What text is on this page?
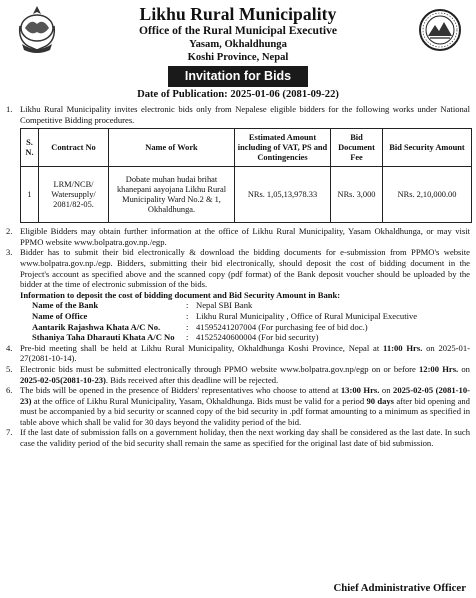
Likhu Rural Municipality
Office of the Rural Municipal Executive
Yasam, Okhaldhunga
Koshi Province, Nepal
Invitation for Bids
Date of Publication: 2025-01-06 (2081-09-22)
1. Likhu Rural Municipality invites electronic bids only from Nepalese eligible bidders for the following works under National Competitive Bidding procedures.
S. N.	Contract No	Name of Work	Estimated Amount including of VAT, PS and Contingencies	Bid Document Fee	Bid Security Amount
1	LRM/NCB/ Watersupply/ 2081/82-05.	Dobate muhan hudai brihat khanepani aayojana Likhu Rural Municipality Ward No.2 & 1, Okhaldhunga.	NRs. 1,05,13,978.33	NRs. 3,000	NRs. 2,10,000.00
2. Eligible Bidders may obtain further information at the office of Likhu Rural Municipality, Yasam Okhaldhunga, or may visit PPMO website www.bolpatra.gov.np./egp.
3. Bidder has to submit their bid electronically & download the bidding documents for e-submission from PPMO's website www.bolpatra.gov.np./egp. Bidders, submitting their bid electronically, should deposit the cost of bidding document in the Project's account as specified above and the scanned copy (pdf format) of the Bank deposit voucher should be uploaded by the bidder at the time of electronic submission of the bids.
Information to deposit the cost of bidding document and Bid Security Amount in Bank:
Name of the Bank	: Nepal SBI Bank
Name of Office	: Likhu Rural Municipality , Office of Rural Municipal Executive
Aantarik Rajashwa Khata A/C No.	: 41595241207004 (For purchasing fee of bid doc.)
Sthaniya Taha Dharauti Khata A/C No	: 41525240600004 (For bid security)
4. Pre-bid meeting shall be held at Likhu Rural Municipality, Okhaldhunga Koshi Province, Nepal at 11:00 Hrs. on 2025-01-27(2081-10-14).
5. Electronic bids must be submitted electronically through PPMO website www.bolpatra.gov.np/egp on or before 12:00 Hrs. on 2025-02-05(2081-10-23). Bids received after this deadline will be rejected.
6. The bids will be opened in the presence of Bidders' representatives who choose to attend at 13:00 Hrs. on 2025-02-05 (2081-10-23) at the office of Likhu Rural Municipality, Yasam, Okhaldhunga. Bids must be valid for a period 90 days after bid opening and must be accompanied by a bid security or scanned copy of the bid security in .pdf format amounting to a minimum as specified in table above which shall be valid for 30 days beyond the validity period of the bid.
7. If the last date of submission falls on a government holiday, then the next working day shall be considered as the last date. In such case the validity period of the bid security shall remain the same as specified for the original last date of bid submission.
Chief Administrative Officer
